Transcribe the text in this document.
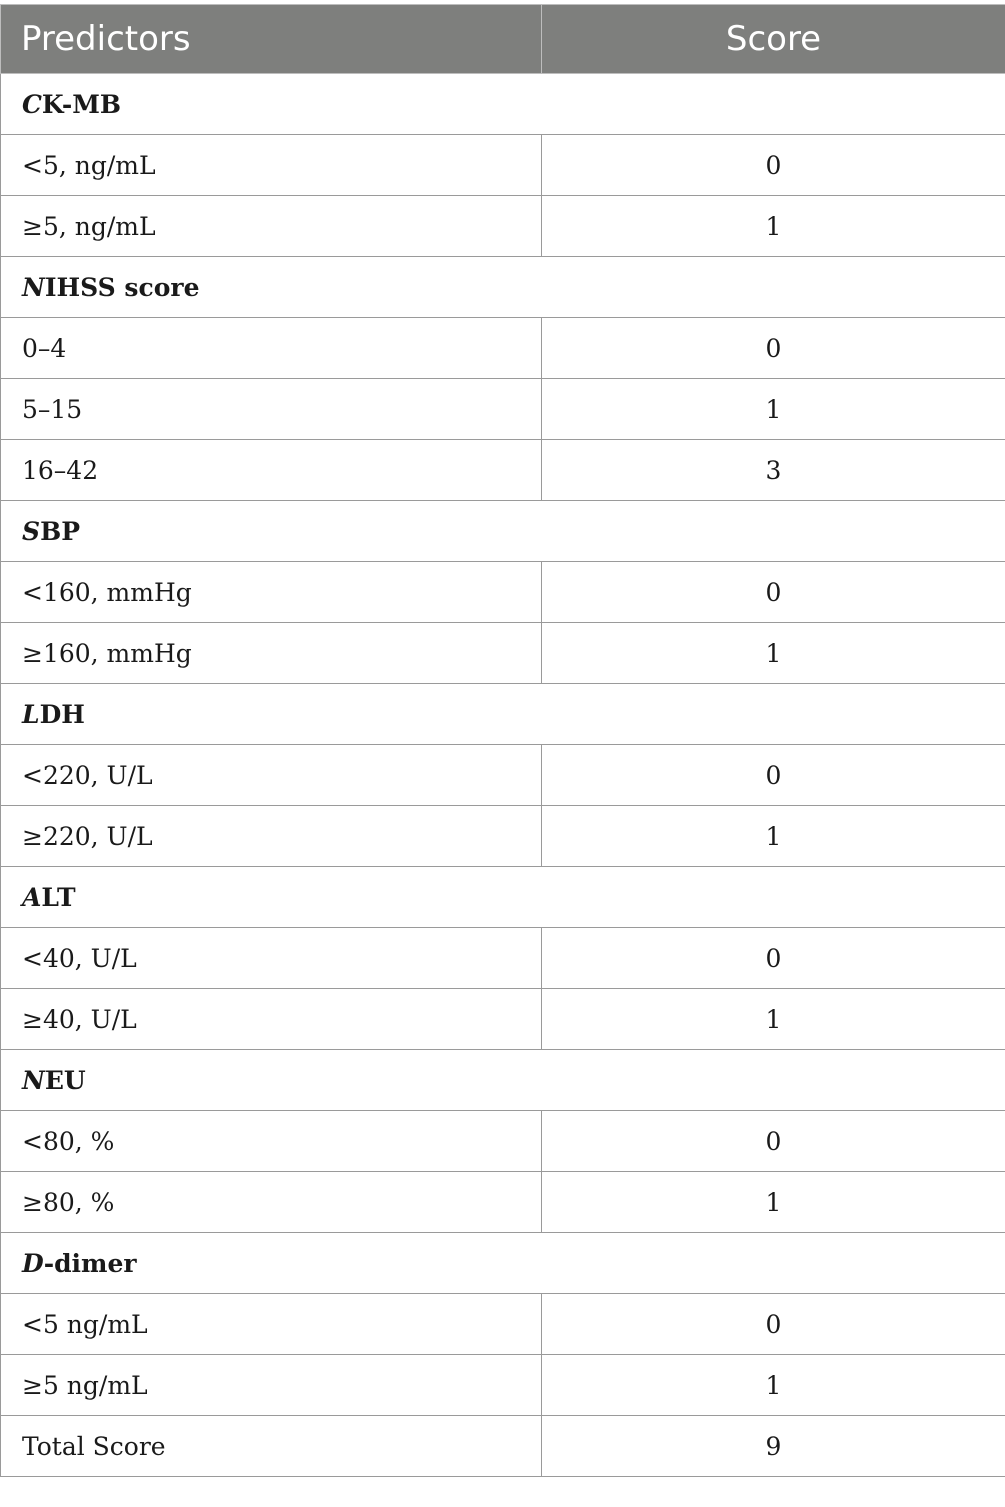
Predictors	Score
CK-MB	
<5, ng/mL	0
≥5, ng/mL	1
NIHSS score	
0–4	0
5–15	1
16–42	3
SBP	
<160, mmHg	0
≥160, mmHg	1
LDH	
<220, U/L	0
≥220, U/L	1
ALT	
<40, U/L	0
≥40, U/L	1
NEU	
<80, %	0
≥80, %	1
D-dimer	
<5 ng/mL	0
≥5 ng/mL	1
Total Score	9
